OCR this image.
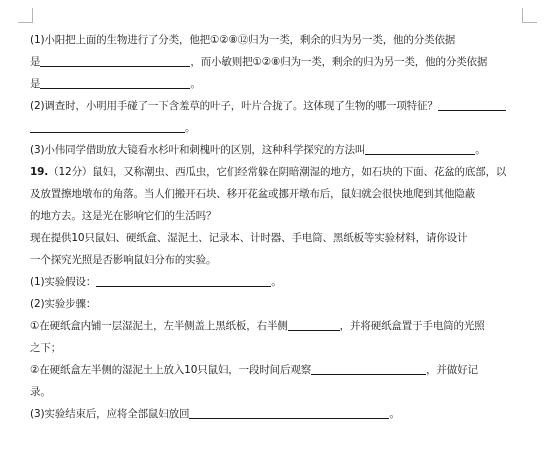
(1)小阳把上面的生物进行了分类，他把①②⑧⑫归为一类，剩余的归为另一类，他的分类依据
是	，而小敏则把①②⑧归为一类，剩余的归为另一类，他的分类依据
是	。
(2)调查时，小明用手碰了一下含羞草的叶子，叶片合拢了。这体现了生物的哪一项特征？
。
(3)小伟同学借助放大镜看水杉叶和刺槐叶的区别，这种科学探究的方法叫	。
19.（12分）鼠妇，又称潮虫、西瓜虫，它们经常躲在阴暗潮湿的地方，如石块的下面、花盆的底部，以
及放置擦地墩布的角落。当人们搬开石块、移开花盆或挪开墩布后，鼠妇就会很快地爬到其他隐蔽
的地方去。这是光在影响它们的生活吗？
现在提供10只鼠妇、硬纸盒、湿泥土、记录本、计时器、手电筒、黑纸板等实验材料，请你设计
一个探究光照是否影响鼠妇分布的实验。
(1)实验假设：	。
(2)实验步骤：
①在硬纸盒内铺一层湿泥土，左半侧盖上黑纸板，右半侧	，并将硬纸盒置于手电筒的光照
之下；
②在硬纸盒左半侧的湿泥土上放入10只鼠妇，一段时间后观察	，并做好记
录。
(3)实验结束后，应将全部鼠妇放回	。
